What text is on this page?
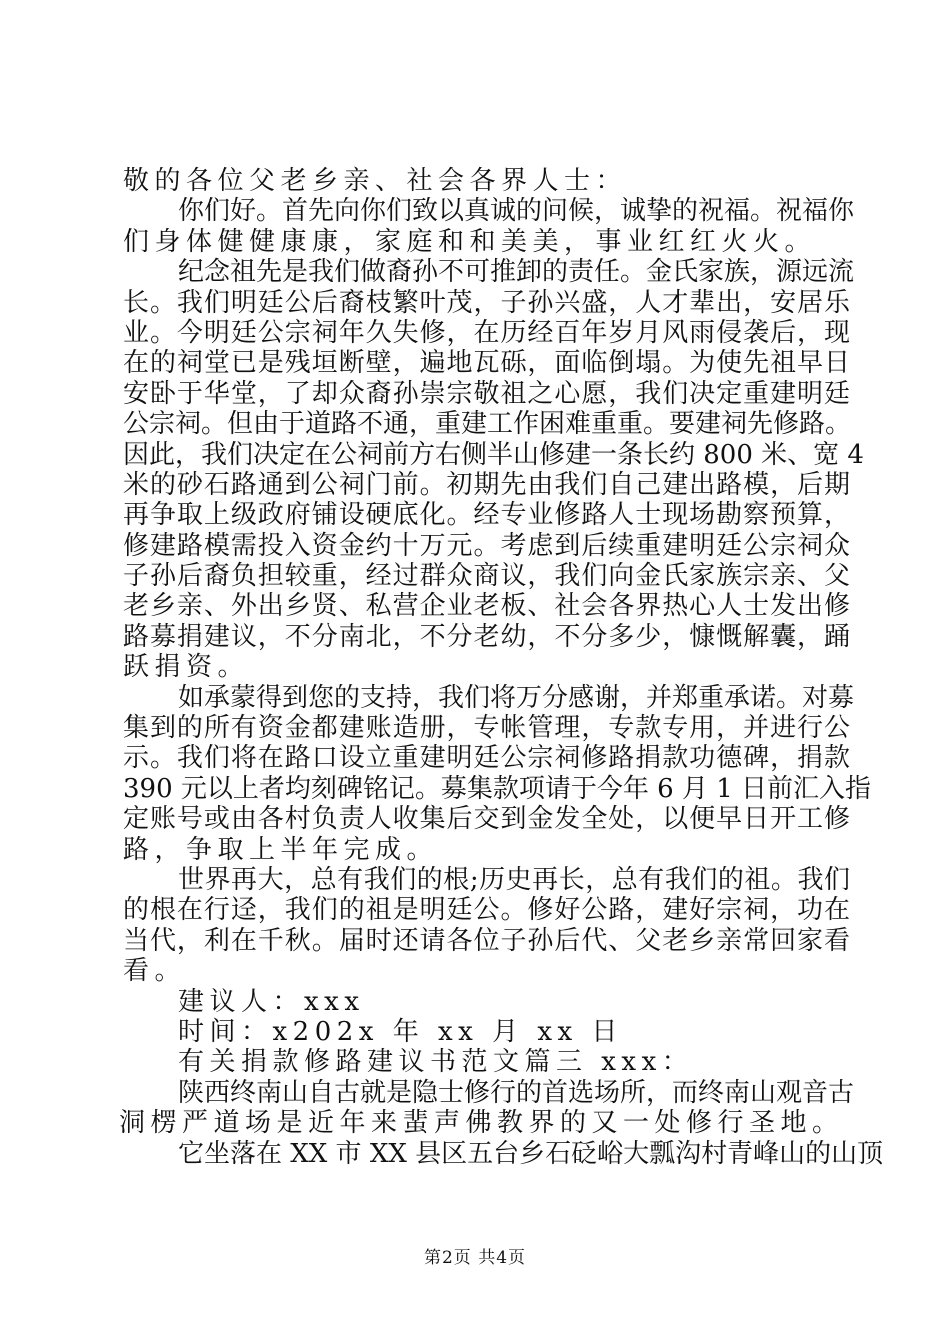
敬的各位父老乡亲、社会各界人士：
你们好。首先向你们致以真诚的问候，诚挚的祝福。祝福你
们身体健健康康，家庭和和美美，事业红红火火。
纪念祖先是我们做裔孙不可推卸的责任。金氏家族，源远流
长。我们明廷公后裔枝繁叶茂，子孙兴盛，人才辈出，安居乐
业。今明廷公宗祠年久失修，在历经百年岁月风雨侵袭后，现
在的祠堂已是残垣断壁，遍地瓦砾，面临倒塌。为使先祖早日
安卧于华堂，了却众裔孙崇宗敬祖之心愿，我们决定重建明廷
公宗祠。但由于道路不通，重建工作困难重重。要建祠先修路。
因此，我们决定在公祠前方右侧半山修建一条长约 800 米、宽 4
米的砂石路通到公祠门前。初期先由我们自己建出路模，后期
再争取上级政府铺设硬底化。经专业修路人士现场勘察预算，
修建路模需投入资金约十万元。考虑到后续重建明廷公宗祠众
子孙后裔负担较重，经过群众商议，我们向金氏家族宗亲、父
老乡亲、外出乡贤、私营企业老板、社会各界热心人士发出修
路募捐建议，不分南北，不分老幼，不分多少，慷慨解囊，踊
跃捐资。
如承蒙得到您的支持，我们将万分感谢，并郑重承诺。对募
集到的所有资金都建账造册，专帐管理，专款专用，并进行公
示。我们将在路口设立重建明廷公宗祠修路捐款功德碑，捐款
390 元以上者均刻碑铭记。募集款项请于今年 6 月 1 日前汇入指
定账号或由各村负责人收集后交到金发全处，以便早日开工修
路，争取上半年完成。
世界再大，总有我们的根;历史再长，总有我们的祖。我们
的根在行迳，我们的祖是明廷公。修好公路，建好宗祠，功在
当代，利在千秋。届时还请各位子孙后代、父老乡亲常回家看
看。
建议人：xxx
时间：x202x 年 xx 月 xx 日
有关捐款修路建议书范文篇三 xxx：
陕西终南山自古就是隐士修行的首选场所，而终南山观音古
洞楞严道场是近年来蜚声佛教界的又一处修行圣地。
它坐落在 XX 市 XX 县区五台乡石砭峪大瓢沟村青峰山的山顶
第2页 共4页
